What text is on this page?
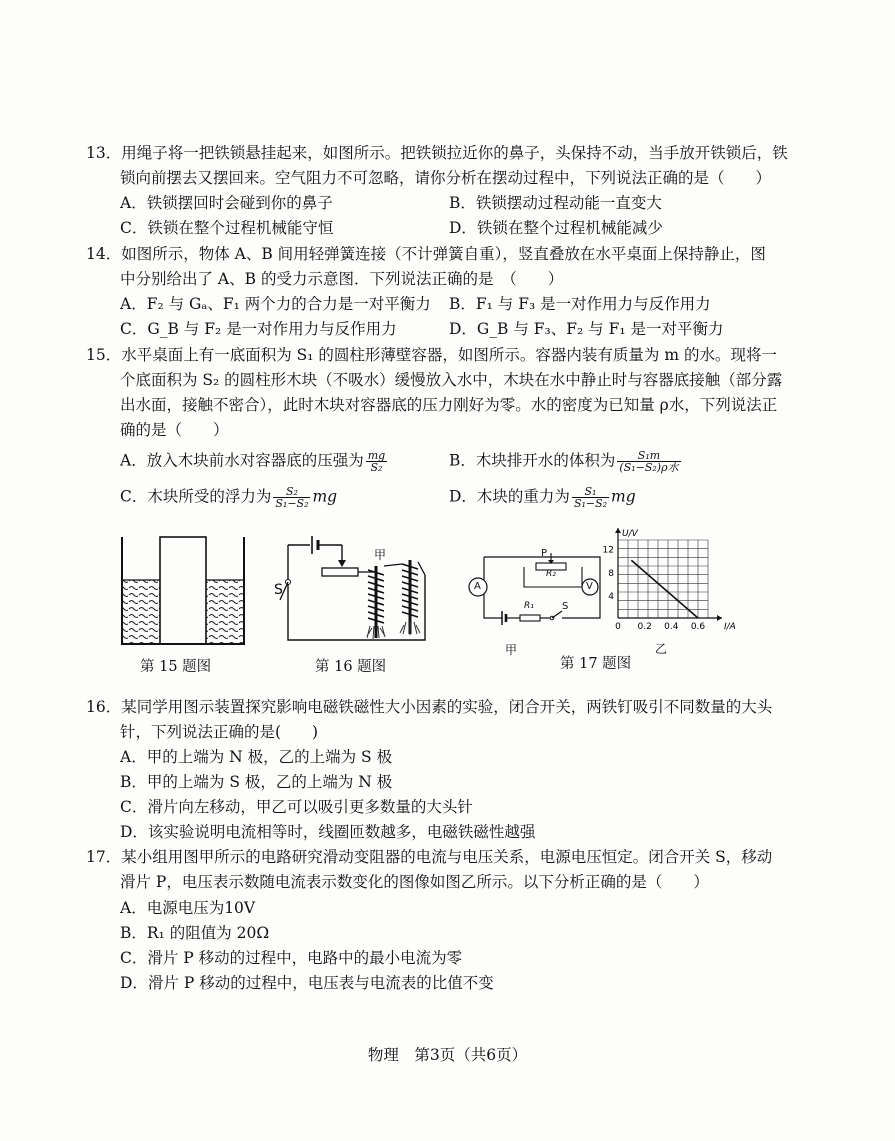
13．用绳子将一把铁锁悬挂起来，如图所示。把铁锁拉近你的鼻子，头保持不动，当手放开铁锁后，铁
锁向前摆去又摆回来。空气阻力不可忽略，请你分析在摆动过程中，下列说法正确的是（　　）
A．铁锁摆回时会碰到你的鼻子	B．铁锁摆动过程动能一直变大
C．铁锁在整个过程机械能守恒	D．铁锁在整个过程机械能减少
14．如图所示，物体 A、B 间用轻弹簧连接（不计弹簧自重），竖直叠放在水平桌面上保持静止，图
中分别给出了 A、B 的受力示意图．下列说法正确的是　（　　）
A．F₂ 与 Gₐ、F₁ 两个力的合力是一对平衡力 B．F₁ 与 F₃ 是一对作用力与反作用力
C．G_B 与 F₂ 是一对作用力与反作用力	D．G_B 与 F₃、F₂ 与 F₁ 是一对平衡力
15．水平桌面上有一底面积为 S₁ 的圆柱形薄壁容器，如图所示。容器内装有质量为 m 的水。现将一
个底面积为 S₂ 的圆柱形木块（不吸水）缓慢放入水中，木块在水中静止时与容器底接触（部分露
出水面，接触不密合），此时木块对容器底的压力刚好为零。水的密度为已知量 ρ水，下列说法正
确的是（　　）
A．放入木块前水对容器底的压强为 $\frac{mg}{\text{S₂}}$	B．木块排开水的体积为 $\frac{\text{S₁m}}{\text{(S₁−S₂)ρ水}}$
C．木块所受的浮力为 $\frac{\text{S₂}}{\text{S₁−S₂}}$ mg	D．木块的重力为 $\frac{\text{S₁}}{\text{S₁−S₂}}$ mg
第 15 题图
S
甲
第 16 题图
A	V
P
R₂
R₁	S
甲
12
8
4
0 0.2 0.4 0.6
U/V
I/A
乙
第 17 题图
16．某同学用图示装置探究影响电磁铁磁性大小因素的实验，闭合开关，两铁钉吸引不同数量的大头
针，下列说法正确的是(　　)
A．甲的上端为 N 极，乙的上端为 S 极
B．甲的上端为 S 极，乙的上端为 N 极
C．滑片向左移动，甲乙可以吸引更多数量的大头针
D．该实验说明电流相等时，线圈匝数越多，电磁铁磁性越强
17．某小组用图甲所示的电路研究滑动变阻器的电流与电压关系，电源电压恒定。闭合开关 S，移动
滑片 P，电压表示数随电流表示数变化的图像如图乙所示。以下分析正确的是（　　）
A．电源电压为10V
B．R₁ 的阻值为 20Ω
C．滑片 P 移动的过程中，电路中的最小电流为零
D．滑片 P 移动的过程中，电压表与电流表的比值不变
物理　第3页（共6页）
